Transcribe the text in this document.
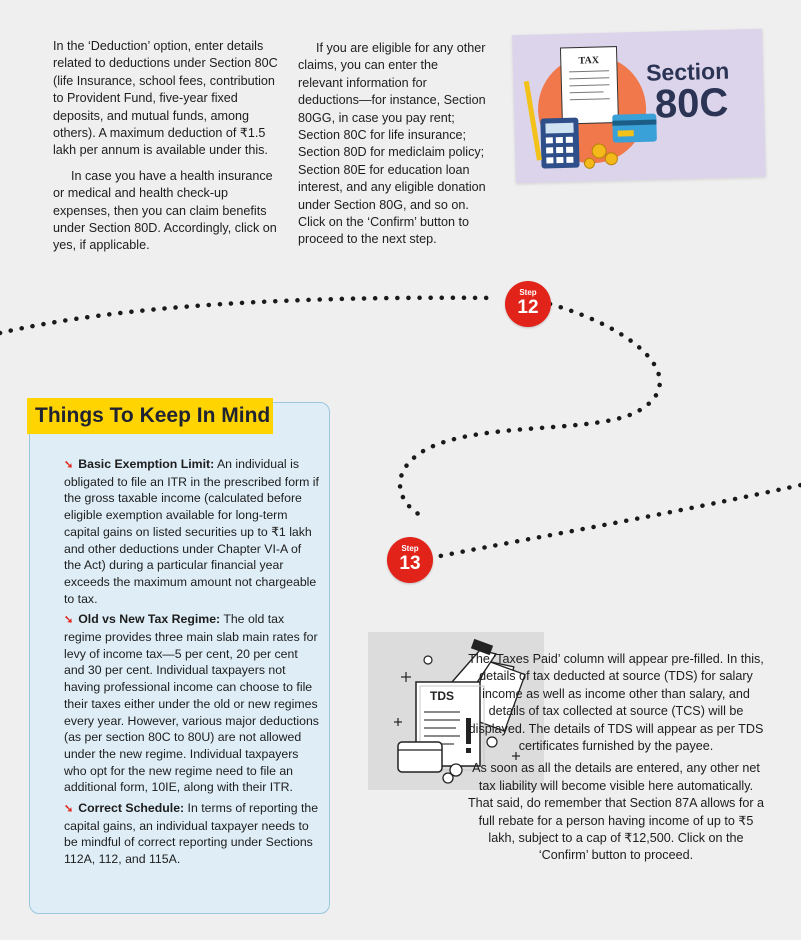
In the ‘Deduction’ option, enter details related to deductions under Section 80C (life Insurance, school fees, contribution to Provident Fund, five-year fixed deposits, and mutual funds, among others). A maximum deduction of ₹1.5 lakh per annum is available under this.

In case you have a health insurance or medical and health check-up expenses, then you can claim benefits under Section 80D. Accordingly, click on yes, if applicable.

If you are eligible for any other claims, you can enter the relevant information for deductions—for instance, Section 80GG, in case you pay rent; Section 80C for life insurance; Section 80D for mediclaim policy; Section 80E for education loan interest, and any eligible donation under Section 80G, and so on. Click on the ‘Confirm’ button to proceed to the next step.

TAX Section
80C
Step
12
Step
13
Things To Keep In Mind
➘ Basic Exemption Limit: An individual is obligated to file an ITR in the prescribed form if the gross taxable income (calculated before eligible exemption available for long-term capital gains on listed securities up to ₹1 lakh and other deductions under Chapter VI-A of the Act) during a particular financial year exceeds the maximum amount not chargeable to tax.
➘ Old vs New Tax Regime: The old tax regime provides three main slab main rates for levy of income tax—5 per cent, 20 per cent and 30 per cent. Individual taxpayers not having professional income can choose to file their taxes either under the old or new regimes every year. However, various major deductions (as per section 80C to 80U) are not allowed under the new regime. Individual taxpayers who opt for the new regime need to file an additional form, 10IE, along with their ITR.
➘ Correct Schedule: In terms of reporting the capital gains, an individual taxpayer needs to be mindful of correct reporting under Sections 112A, 112, and 115A.
TDS

The ‘Taxes Paid’ column will appear pre-filled. In this, details of tax deducted at source (TDS) for salary income as well as income other than salary, and details of tax collected at source (TCS) will be displayed. The details of TDS will appear as per TDS certificates furnished by the payee.

As soon as all the details are entered, any other net tax liability will become visible here automatically. That said, do remember that Section 87A allows for a full rebate for a person having income of up to ₹5 lakh, subject to a cap of ₹12,500. Click on the ‘Confirm’ button to proceed.
